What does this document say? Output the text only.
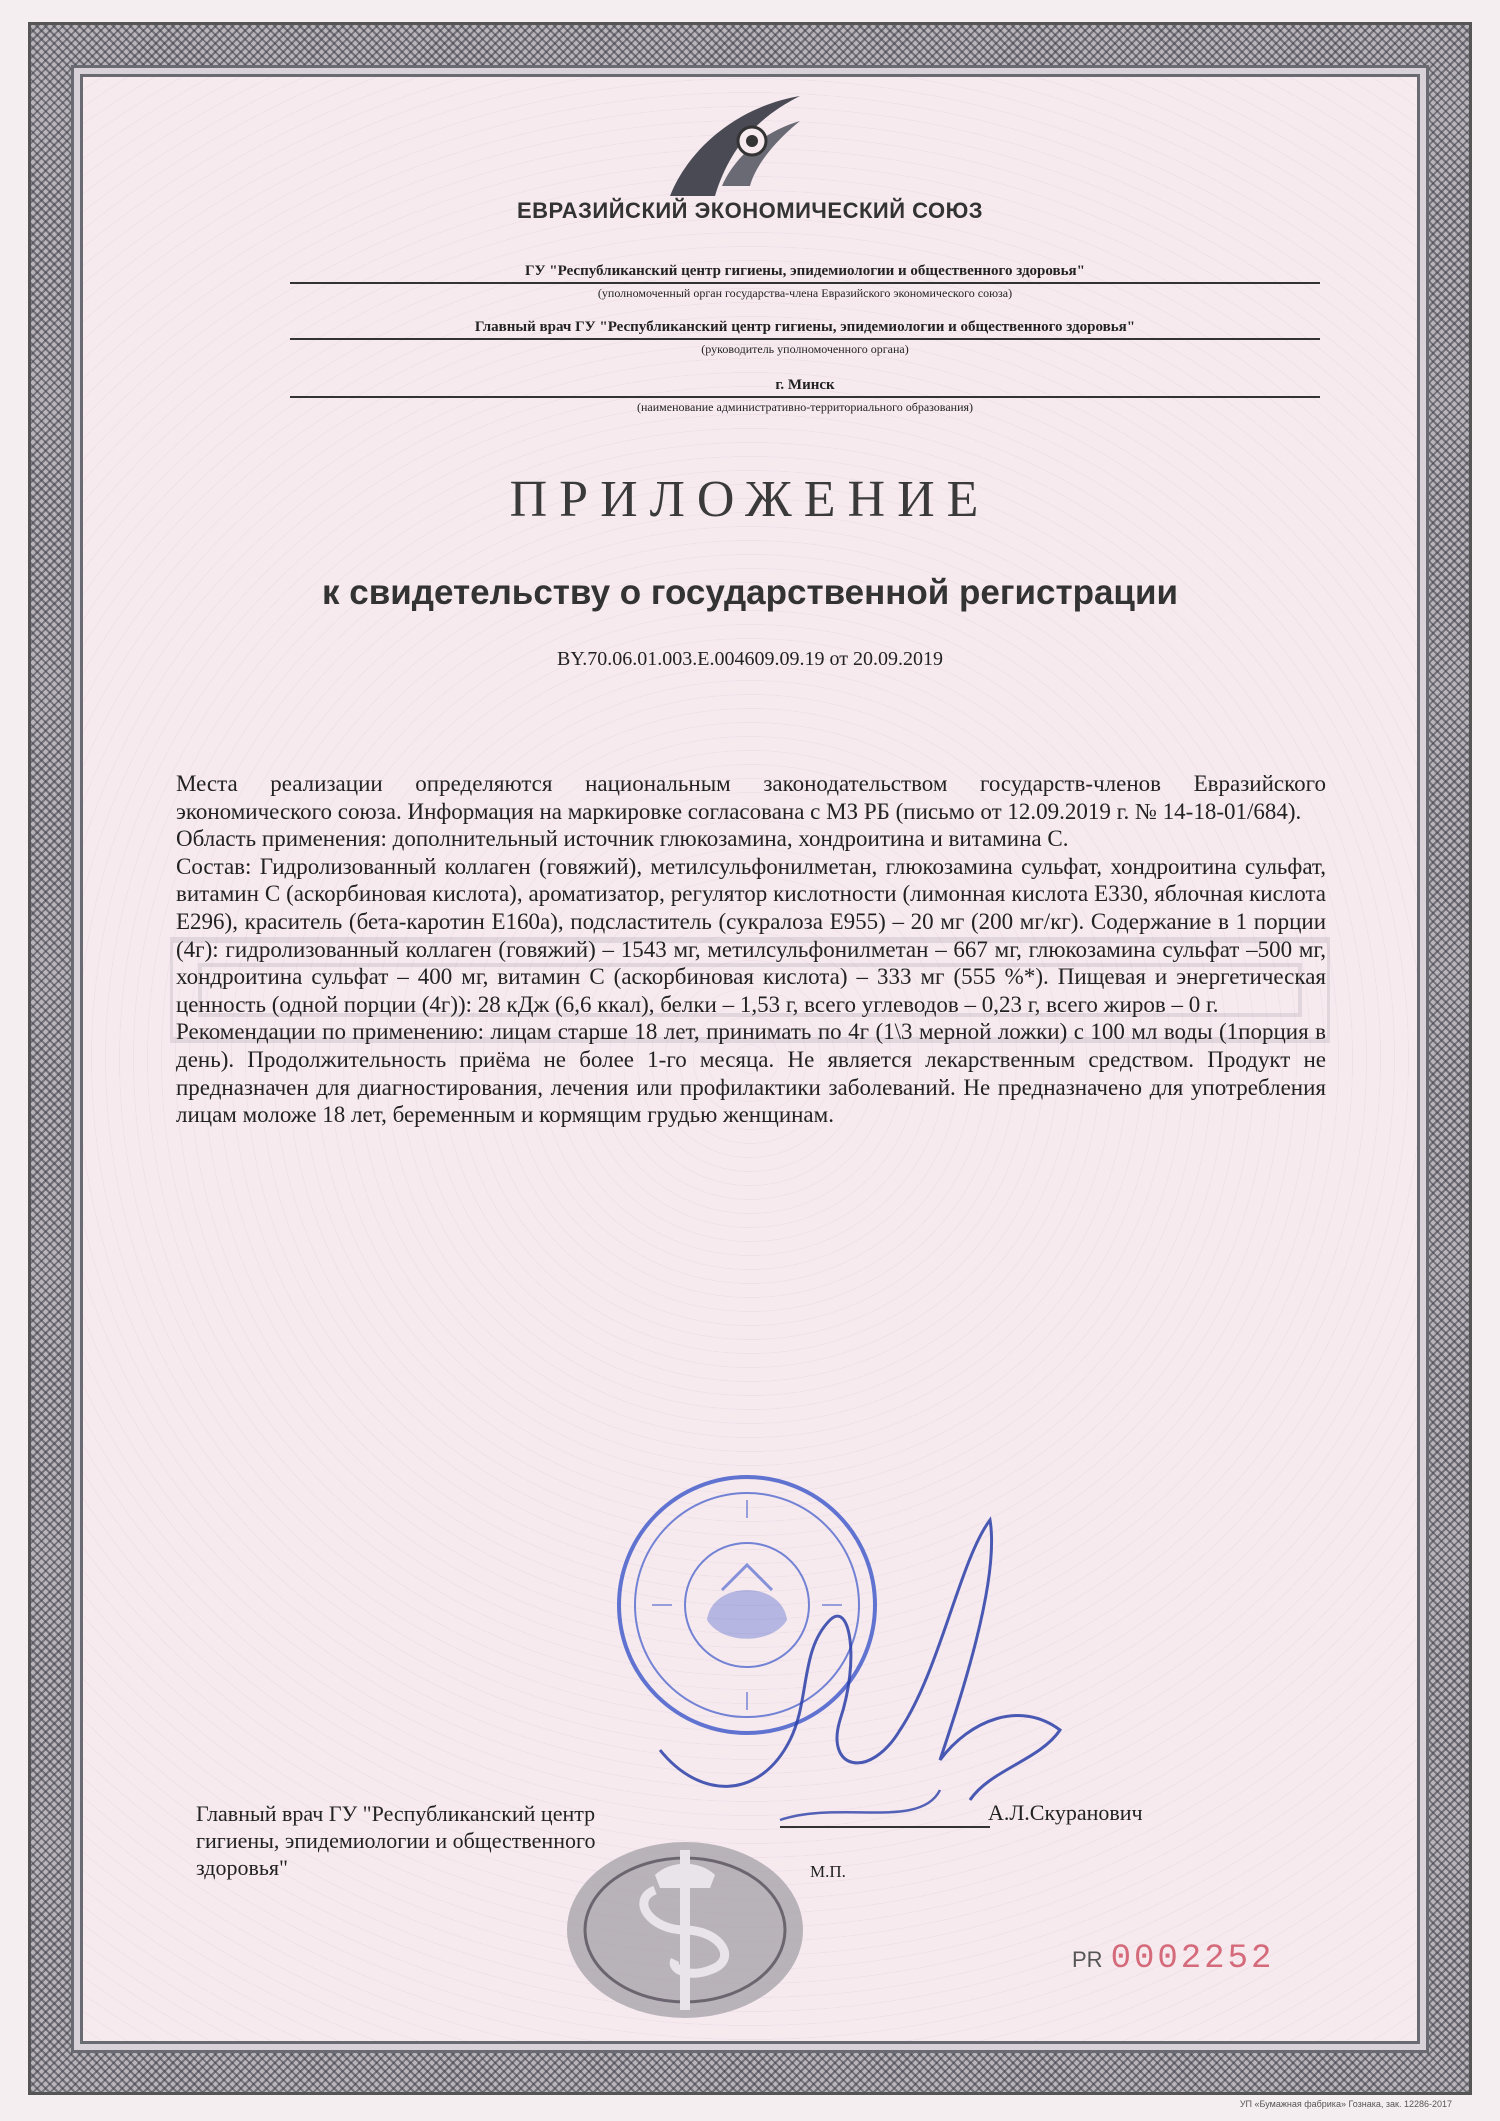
ЕВРАЗИЙСКИЙ ЭКОНОМИЧЕСКИЙ СОЮЗ
ГУ "Республиканский центр гигиены, эпидемиологии и общественного здоровья"
(уполномоченный орган государства-члена Евразийского экономического союза)
Главный врач ГУ "Республиканский центр гигиены, эпидемиологии и общественного здоровья"
(руководитель уполномоченного органа)
г. Минск
(наименование административно-территориального образования)
ПРИЛОЖЕНИЕ
к свидетельству о государственной регистрации
BY.70.06.01.003.E.004609.09.19 от 20.09.2019

Места реализации определяются национальным законодательством государств-членов Евразийского экономического союза. Информация на маркировке согласована с МЗ РБ (письмо от 12.09.2019 г. № 14-18-01/684).

Область применения: дополнительный источник глюкозамина, хондроитина и витамина С.

Состав: Гидролизованный коллаген (говяжий), метилсульфонилметан, глюкозамина сульфат, хондроитина сульфат, витамин С (аскорбиновая кислота), ароматизатор, регулятор кислотности (лимонная кислота Е330, яблочная кислота Е296), краситель (бета-каротин Е160а), подсластитель (сукралоза Е955) – 20 мг (200 мг/кг). Содержание в 1 порции (4г): гидролизованный коллаген (говяжий) – 1543 мг, метилсульфонилметан – 667 мг, глюкозамина сульфат –500 мг, хондроитина сульфат – 400 мг, витамин С (аскорбиновая кислота) – 333 мг (555 %*). Пищевая и энергетическая ценность (одной порции (4г)): 28 кДж (6,6 ккал), белки – 1,53 г, всего углеводов – 0,23 г, всего жиров – 0 г.

Рекомендации по применению: лицам старше 18 лет, принимать по 4г (1\3 мерной ложки) с 100 мл воды (1порция в день). Продолжительность приёма не более 1-го месяца. Не является лекарственным средством. Продукт не предназначен для диагностирования, лечения или профилактики заболеваний. Не предназначено для употребления лицам моложе 18 лет, беременным и кормящим грудью женщинам.

Главный врач ГУ "Республиканский центр
гигиены, эпидемиологии и общественного
здоровья"
А.Л.Скуранович
М.П.
PR 0002252
УП «Бумажная фабрика» Гознака, зак. 12286-2017
